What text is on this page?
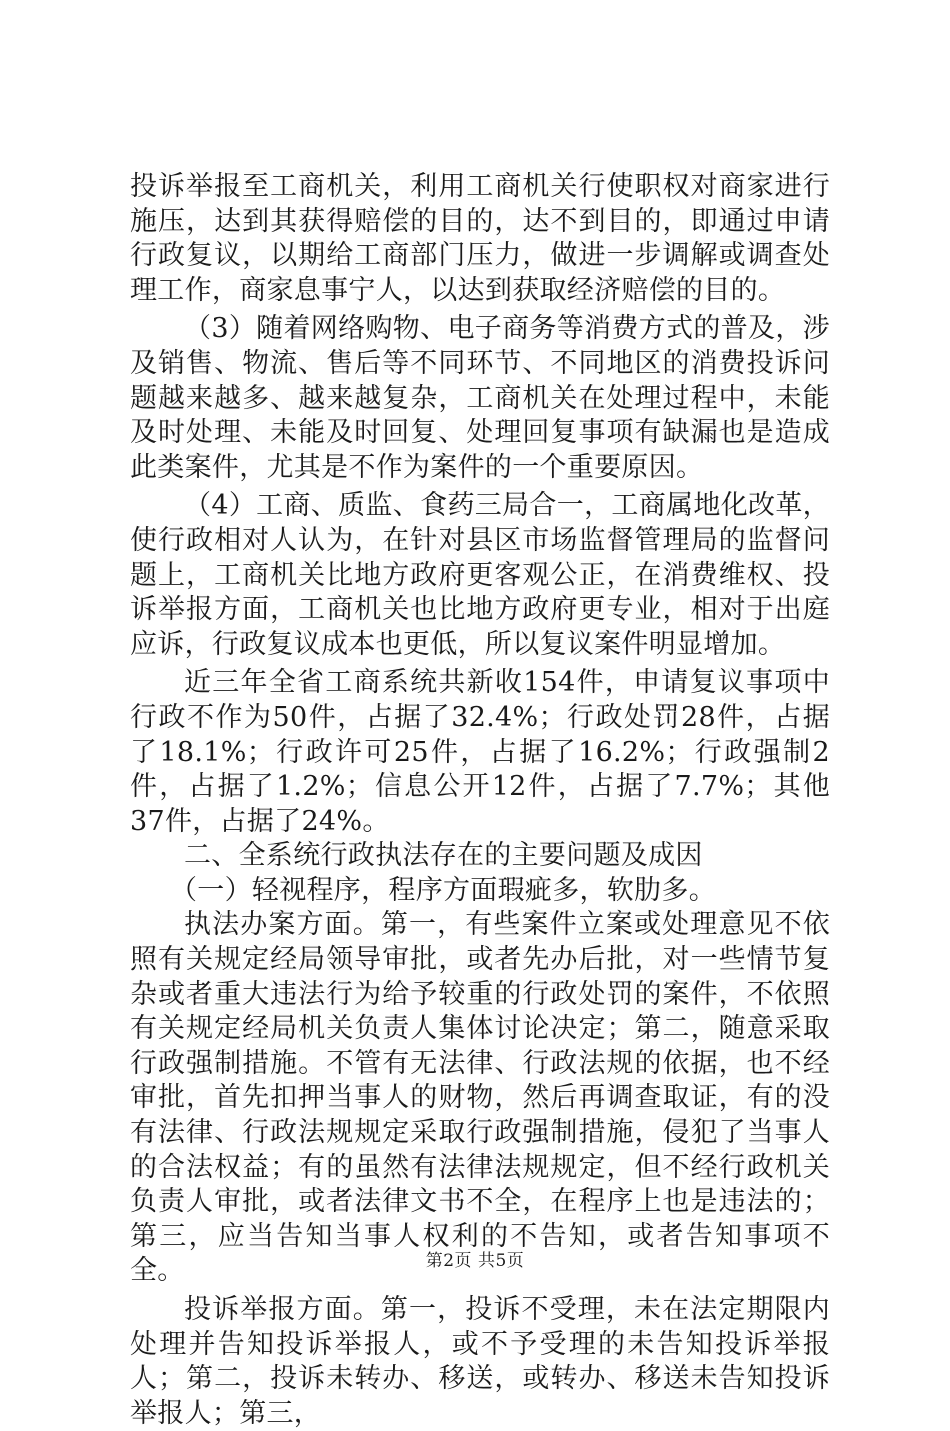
投诉举报至工商机关，利用工商机关行使职权对商家进行施压，达到其获得赔偿的目的，达不到目的，即通过申请行政复议，以期给工商部门压力，做进一步调解或调查处理工作，商家息事宁人，以达到获取经济赔偿的目的。

（3）随着网络购物、电子商务等消费方式的普及，涉及销售、物流、售后等不同环节、不同地区的消费投诉问题越来越多、越来越复杂，工商机关在处理过程中，未能及时处理、未能及时回复、处理回复事项有缺漏也是造成此类案件，尤其是不作为案件的一个重要原因。

（4）工商、质监、食药三局合一，工商属地化改革，使行政相对人认为，在针对县区市场监督管理局的监督问题上，工商机关比地方政府更客观公正，在消费维权、投诉举报方面，工商机关也比地方政府更专业，相对于出庭应诉，行政复议成本也更低，所以复议案件明显增加。

近三年全省工商系统共新收154件，申请复议事项中行政不作为50件，占据了32.4%；行政处罚28件，占据了18.1%；行政许可25件，占据了16.2%；行政强制2件，占据了1.2%；信息公开12件，占据了7.7%；其他37件，占据了24%。

二、全系统行政执法存在的主要问题及成因

（一）轻视程序，程序方面瑕疵多，软肋多。

执法办案方面。第一，有些案件立案或处理意见不依照有关规定经局领导审批，或者先办后批，对一些情节复杂或者重大违法行为给予较重的行政处罚的案件，不依照有关规定经局机关负责人集体讨论决定；第二，随意采取行政强制措施。不管有无法律、行政法规的依据，也不经审批，首先扣押当事人的财物，然后再调查取证，有的没有法律、行政法规规定采取行政强制措施，侵犯了当事人的合法权益；有的虽然有法律法规规定，但不经行政机关负责人审批，或者法律文书不全，在程序上也是违法的；第三，应当告知当事人权利的不告知，或者告知事项不全。

投诉举报方面。第一，投诉不受理，未在法定期限内处理并告知投诉举报人，或不予受理的未告知投诉举报人；第二，投诉未转办、移送，或转办、移送未告知投诉举报人；第三，

第2页 共5页
